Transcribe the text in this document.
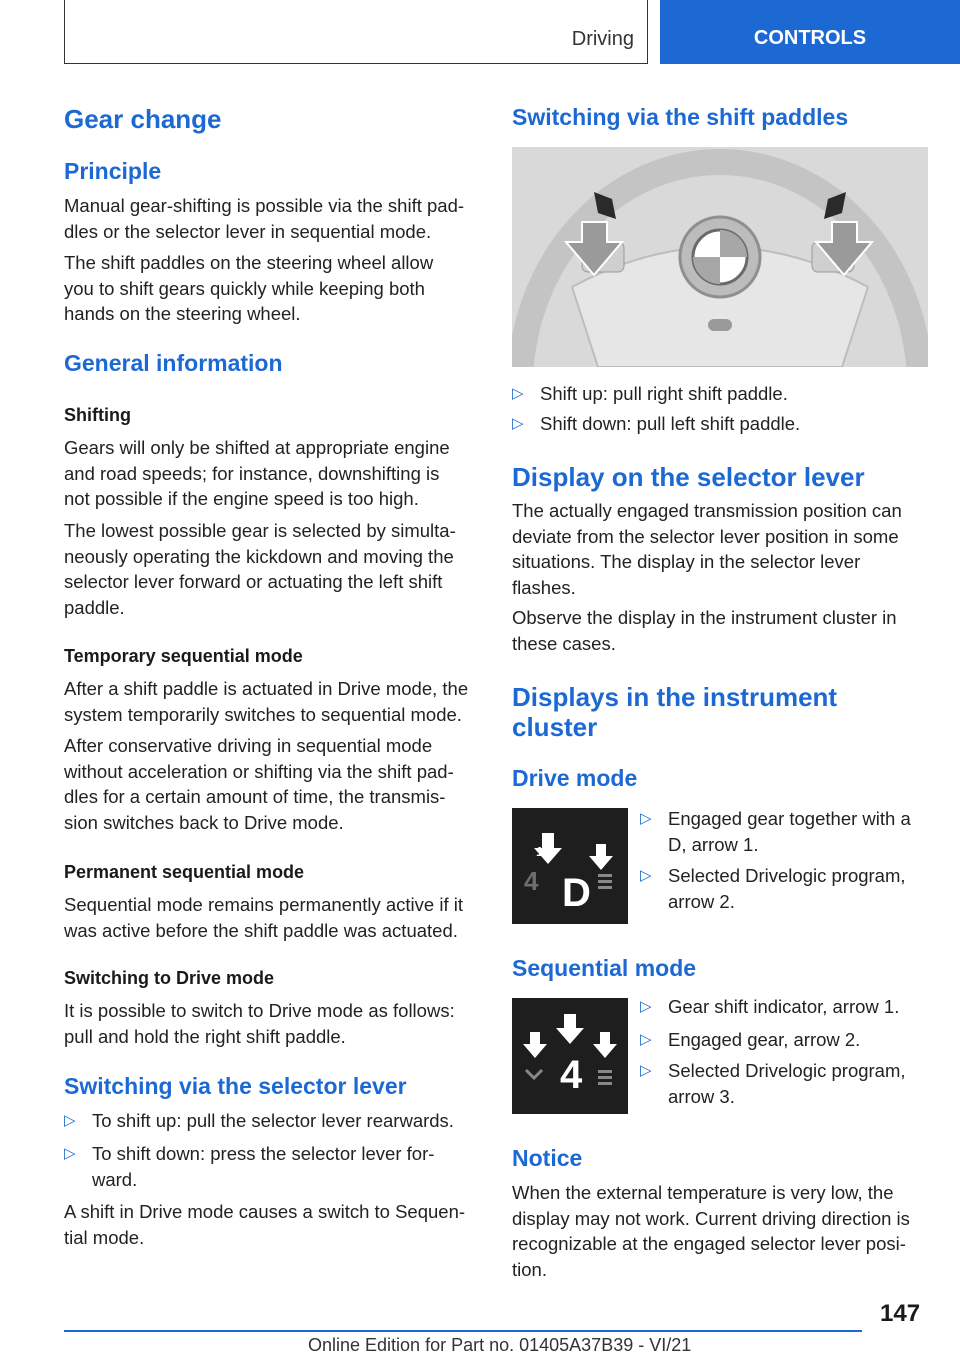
Driving	CONTROLS
Gear change
Principle
Manual gear-shifting is possible via the shift pad-
dles or the selector lever in sequential mode.
The shift paddles on the steering wheel allow
you to shift gears quickly while keeping both
hands on the steering wheel.
General information
Shifting
Gears will only be shifted at appropriate engine
and road speeds; for instance, downshifting is
not possible if the engine speed is too high.
The lowest possible gear is selected by simulta-
neously operating the kickdown and moving the
selector lever forward or actuating the left shift
paddle.
Temporary sequential mode
After a shift paddle is actuated in Drive mode, the
system temporarily switches to sequential mode.
After conservative driving in sequential mode
without acceleration or shifting via the shift pad-
dles for a certain amount of time, the transmis-
sion switches back to Drive mode.
Permanent sequential mode
Sequential mode remains permanently active if it
was active before the shift paddle was actuated.
Switching to Drive mode
It is possible to switch to Drive mode as follows:
pull and hold the right shift paddle.
Switching via the selector lever
▷ To shift up: pull the selector lever rearwards.
▷ To shift down: press the selector lever for-
ward.
A shift in Drive mode causes a switch to Sequen-
tial mode.
Switching via the shift paddles
▷ Shift up: pull right shift paddle.
▷ Shift down: pull left shift paddle.
Display on the selector lever
The actually engaged transmission position can
deviate from the selector lever position in some
situations. The display in the selector lever
flashes.
Observe the display in the instrument cluster in
these cases.
Displays in the instrument
cluster
Drive mode
D
4
1	2
▷ Engaged gear together with a
D, arrow 1.
▷ Selected Drivelogic program,
arrow 2.
Sequential mode
4
2
1	3
▷ Gear shift indicator, arrow 1.
▷ Engaged gear, arrow 2.
▷ Selected Drivelogic program,
arrow 3.
Notice
When the external temperature is very low, the
display may not work. Current driving direction is
recognizable at the engaged selector lever posi-
tion.
147
Online Edition for Part no. 01405A37B39 - VI/21
